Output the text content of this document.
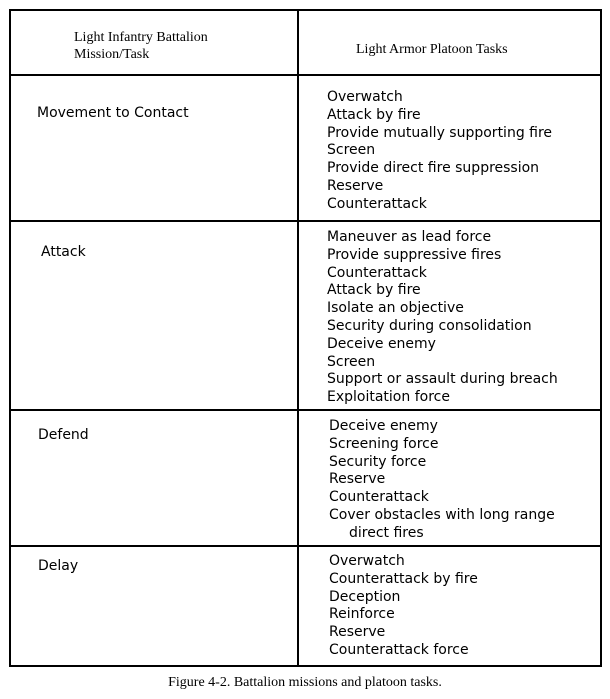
Light Infantry Battalion
Mission/Task	Light Armor Platoon Tasks
Movement to Contact
Overwatch
Attack by fire
Provide mutually supporting fire
Screen
Provide direct fire suppression
Reserve
Counterattack
Attack
Maneuver as lead force
Provide suppressive fires
Counterattack
Attack by fire
Isolate an objective
Security during consolidation
Deceive enemy
Screen
Support or assault during breach
Exploitation force
Defend
Deceive enemy
Screening force
Security force
Reserve
Counterattack
Cover obstacles with long range
direct fires
Delay	Overwatch
Counterattack by fire
Deception
Reinforce
Reserve
Counterattack force
Figure 4-2. Battalion missions and platoon tasks.
